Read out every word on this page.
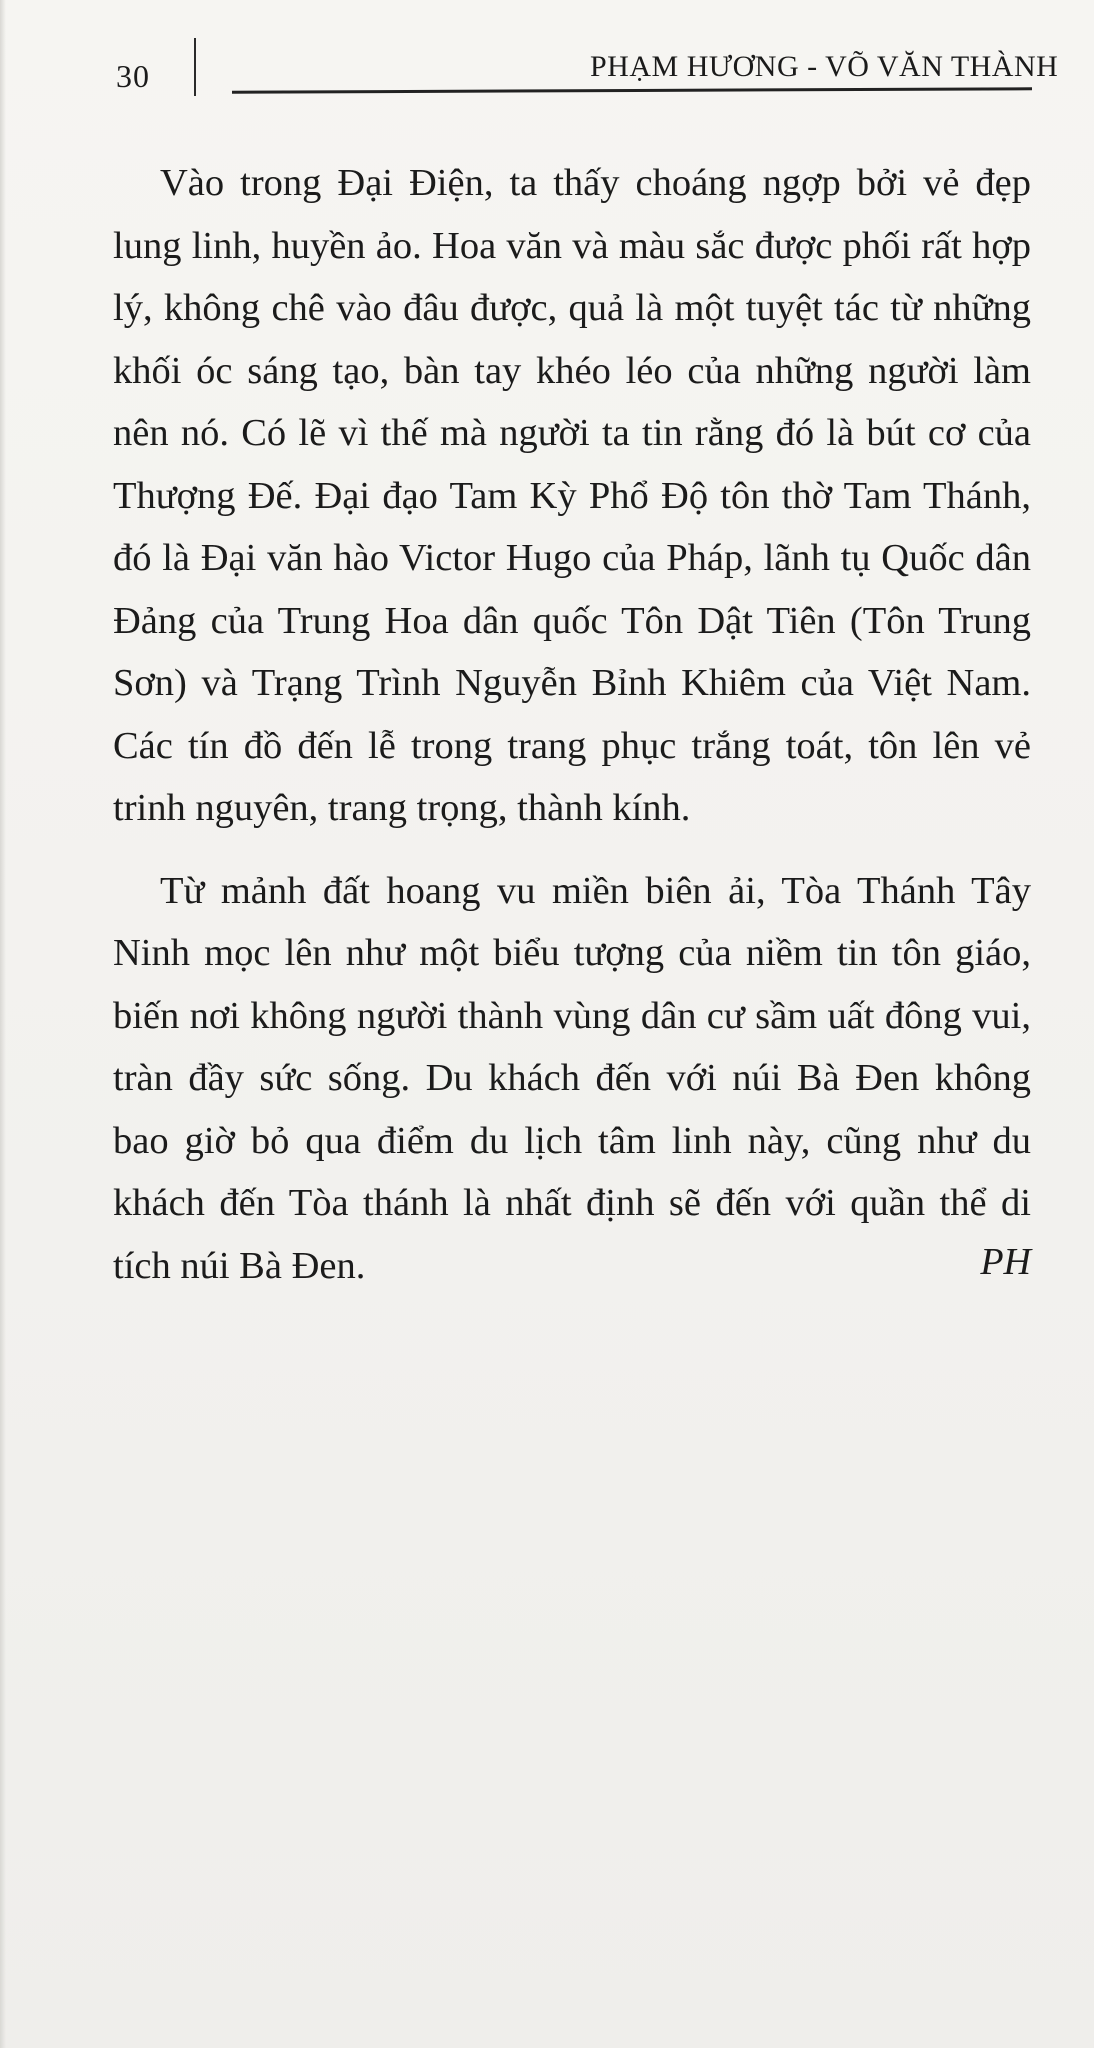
30	PHẠM HƯƠNG - VÕ VĂN THÀNH

Vào trong Đại Điện, ta thấy choáng ngợp bởi vẻ đẹp lung linh, huyền ảo. Hoa văn và màu sắc được phối rất hợp lý, không chê vào đâu được, quả là một tuyệt tác từ những khối óc sáng tạo, bàn tay khéo léo của những người làm nên nó. Có lẽ vì thế mà người ta tin rằng đó là bút cơ của Thượng Đế. Đại đạo Tam Kỳ Phổ Độ tôn thờ Tam Thánh, đó là Đại văn hào Victor Hugo của Pháp, lãnh tụ Quốc dân Đảng của Trung Hoa dân quốc Tôn Dật Tiên (Tôn Trung Sơn) và Trạng Trình Nguyễn Bỉnh Khiêm của Việt Nam. Các tín đồ đến lễ trong trang phục trắng toát, tôn lên vẻ trinh nguyên, trang trọng, thành kính.

Từ mảnh đất hoang vu miền biên ải, Tòa Thánh Tây Ninh mọc lên như một biểu tượng của niềm tin tôn giáo, biến nơi không người thành vùng dân cư sầm uất đông vui, tràn đầy sức sống. Du khách đến với núi Bà Đen không bao giờ bỏ qua điểm du lịch tâm linh này, cũng như du khách đến Tòa thánh là nhất định sẽ đến với quần thể di tích núi Bà Đen.	PH
